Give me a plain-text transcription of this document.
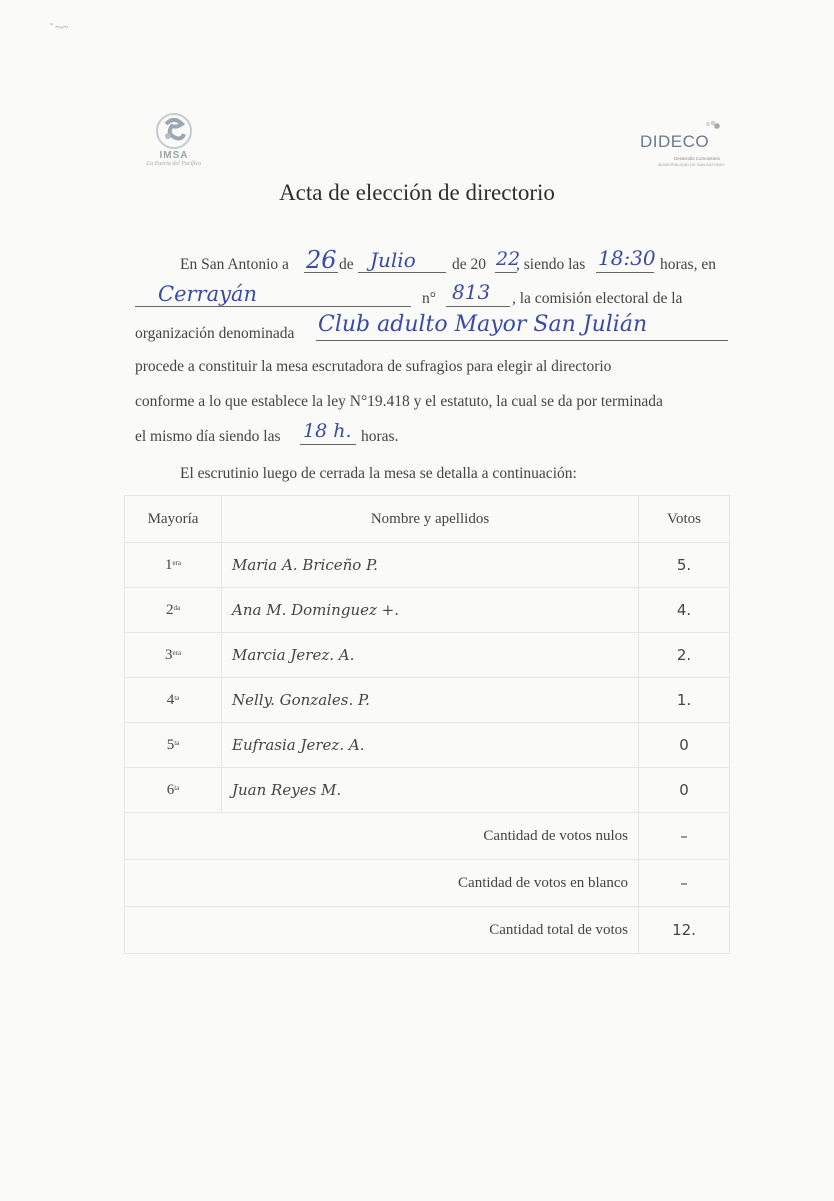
˜ ~-~
IMSA
La Puerta del Pacífico
DIDECO
Desarrollo Comunitario
MUNICIPALIDAD DE SAN ANTONIO
Acta de elección de directorio
En San Antonio a 26 de Julio de 20 22
, siendo las 18:30 horas, en
Cerrayán	n° 813 , la comisión electoral de la
organización denominada Club adulto Mayor San Julián
procede a constituir la mesa escrutadora de sufragios para elegir al directorio
conforme a lo que establece la ley N°19.418 y el estatuto, la cual se da por terminada
el mismo día siendo las 18 h. horas.
El escrutinio luego de cerrada la mesa se detalla a continuación:
Mayoría	Nombre y apellidos	Votos
$1^{era}$	Maria A. Briceño P.	5.
$2^{da}$	Ana M. Dominguez +.	4.
$3^{era}$	Marcia Jerez. A.	2.
$4^{ta}$	Nelly. Gonzales. P.	1.
$5^{ta}$	Eufrasia Jerez. A.	0
$6^{ta}$	Juan Reyes M.	0
Cantidad de votos nulos		–
Cantidad de votos en blanco		–
Cantidad total de votos		12.
